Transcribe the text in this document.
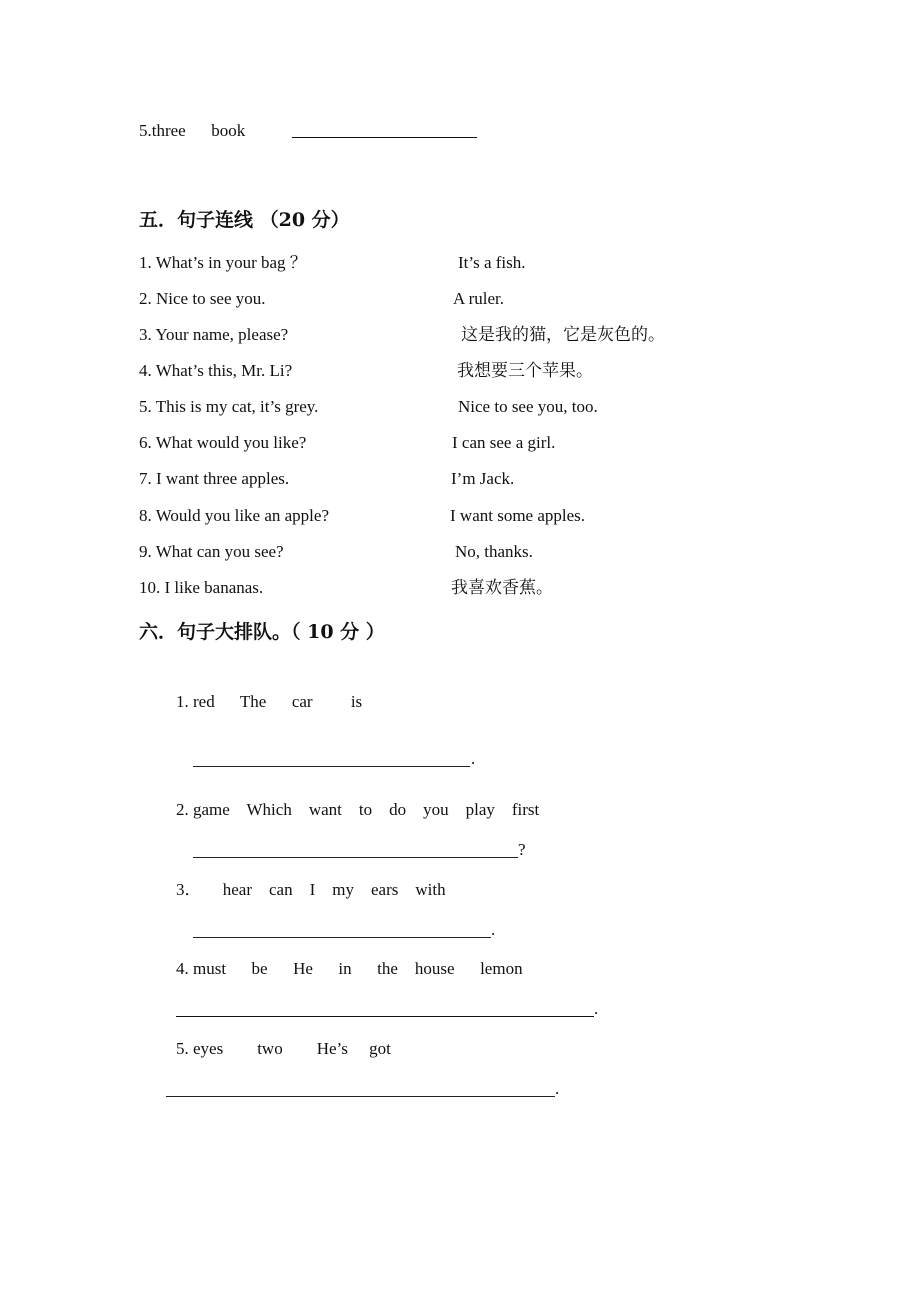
5.three      book
五．句子连线 （20 分）
1. What’s in your bag ？
2. Nice to see you.
3. Your name, please?
4. What’s this, Mr. Li?
5. This is my cat, it’s grey.
6. What would you like?
7. I want three apples.
8. Would you like an apple?
9. What can you see?
10. I like bananas.
It’s a fish.
A ruler.
这是我的猫，它是灰色的。
我想要三个苹果。
Nice to see you, too.
I can see a girl.
I’m Jack.
I want some apples.
No, thanks.
我喜欢香蕉。
六．句子大排队。（ 10 分 ）
1. red      The      car         is
.
2. game    Which    want    to    do    you    play    first
?
3．     hear    can    I    my    ears    with
.
4. must      be      He      in      the    house      lemon
.
5. eyes        two        He’s     got
.
